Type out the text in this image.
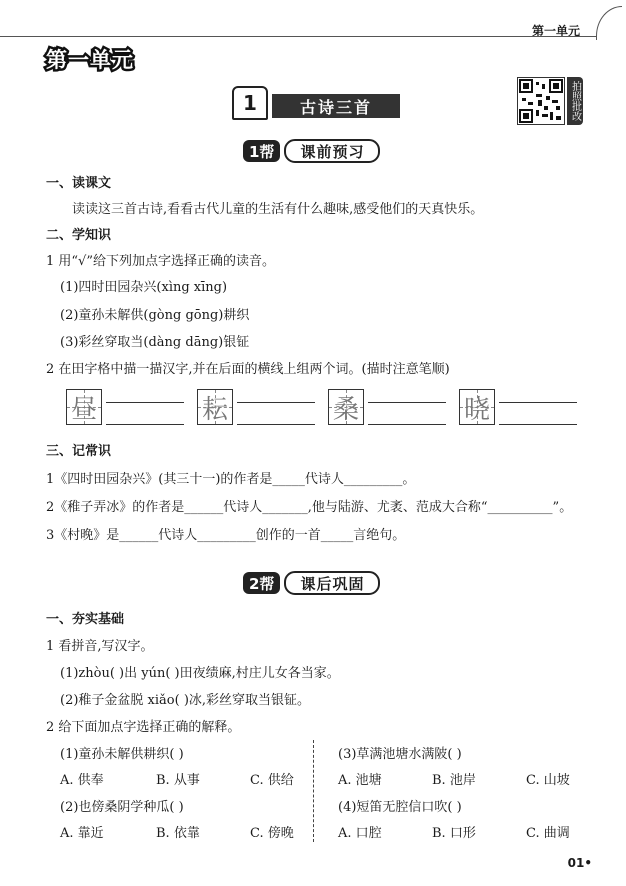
第一单元
第一单元
1	古诗三首	拍照批改
1帮	课前预习
一、读课文
读读这三首古诗,看看古代儿童的生活有什么趣味,感受他们的天真快乐。
二、学知识
1 用“√”给下列加点字选择正确的读音。
(1)四时田园杂兴(xìng xīng)
(2)童孙未解供(gòng gōng)耕织
(3)彩丝穿取当(dàng dāng)银钲
2 在田字格中描一描汉字,并在后面的横线上组两个词。(描时注意笔顺)
昼	耘	桑	晓
三、记常识
1《四时田园杂兴》(其三十一)的作者是_____代诗人_________。
2《稚子弄冰》的作者是______代诗人_______,他与陆游、尤袤、范成大合称“__________”。
3《村晚》是______代诗人_________创作的一首_____言绝句。
2帮	课后巩固
一、夯实基础
1 看拼音,写汉字。
(1)zhòu( )出 yún( )田夜绩麻,村庄儿女各当家。
(2)稚子金盆脱 xiǎo( )冰,彩丝穿取当银钲。
2 给下面加点字选择正确的解释。
(1)童孙未解供耕织( )
A. 供奉	B. 从事	C. 供给
(2)也傍桑阴学种瓜( )
A. 靠近	B. 依靠	C. 傍晚
(3)草满池塘水满陂( )
A. 池塘	B. 池岸	C. 山坡
(4)短笛无腔信口吹( )
A. 口腔	B. 口形	C. 曲调
01•
